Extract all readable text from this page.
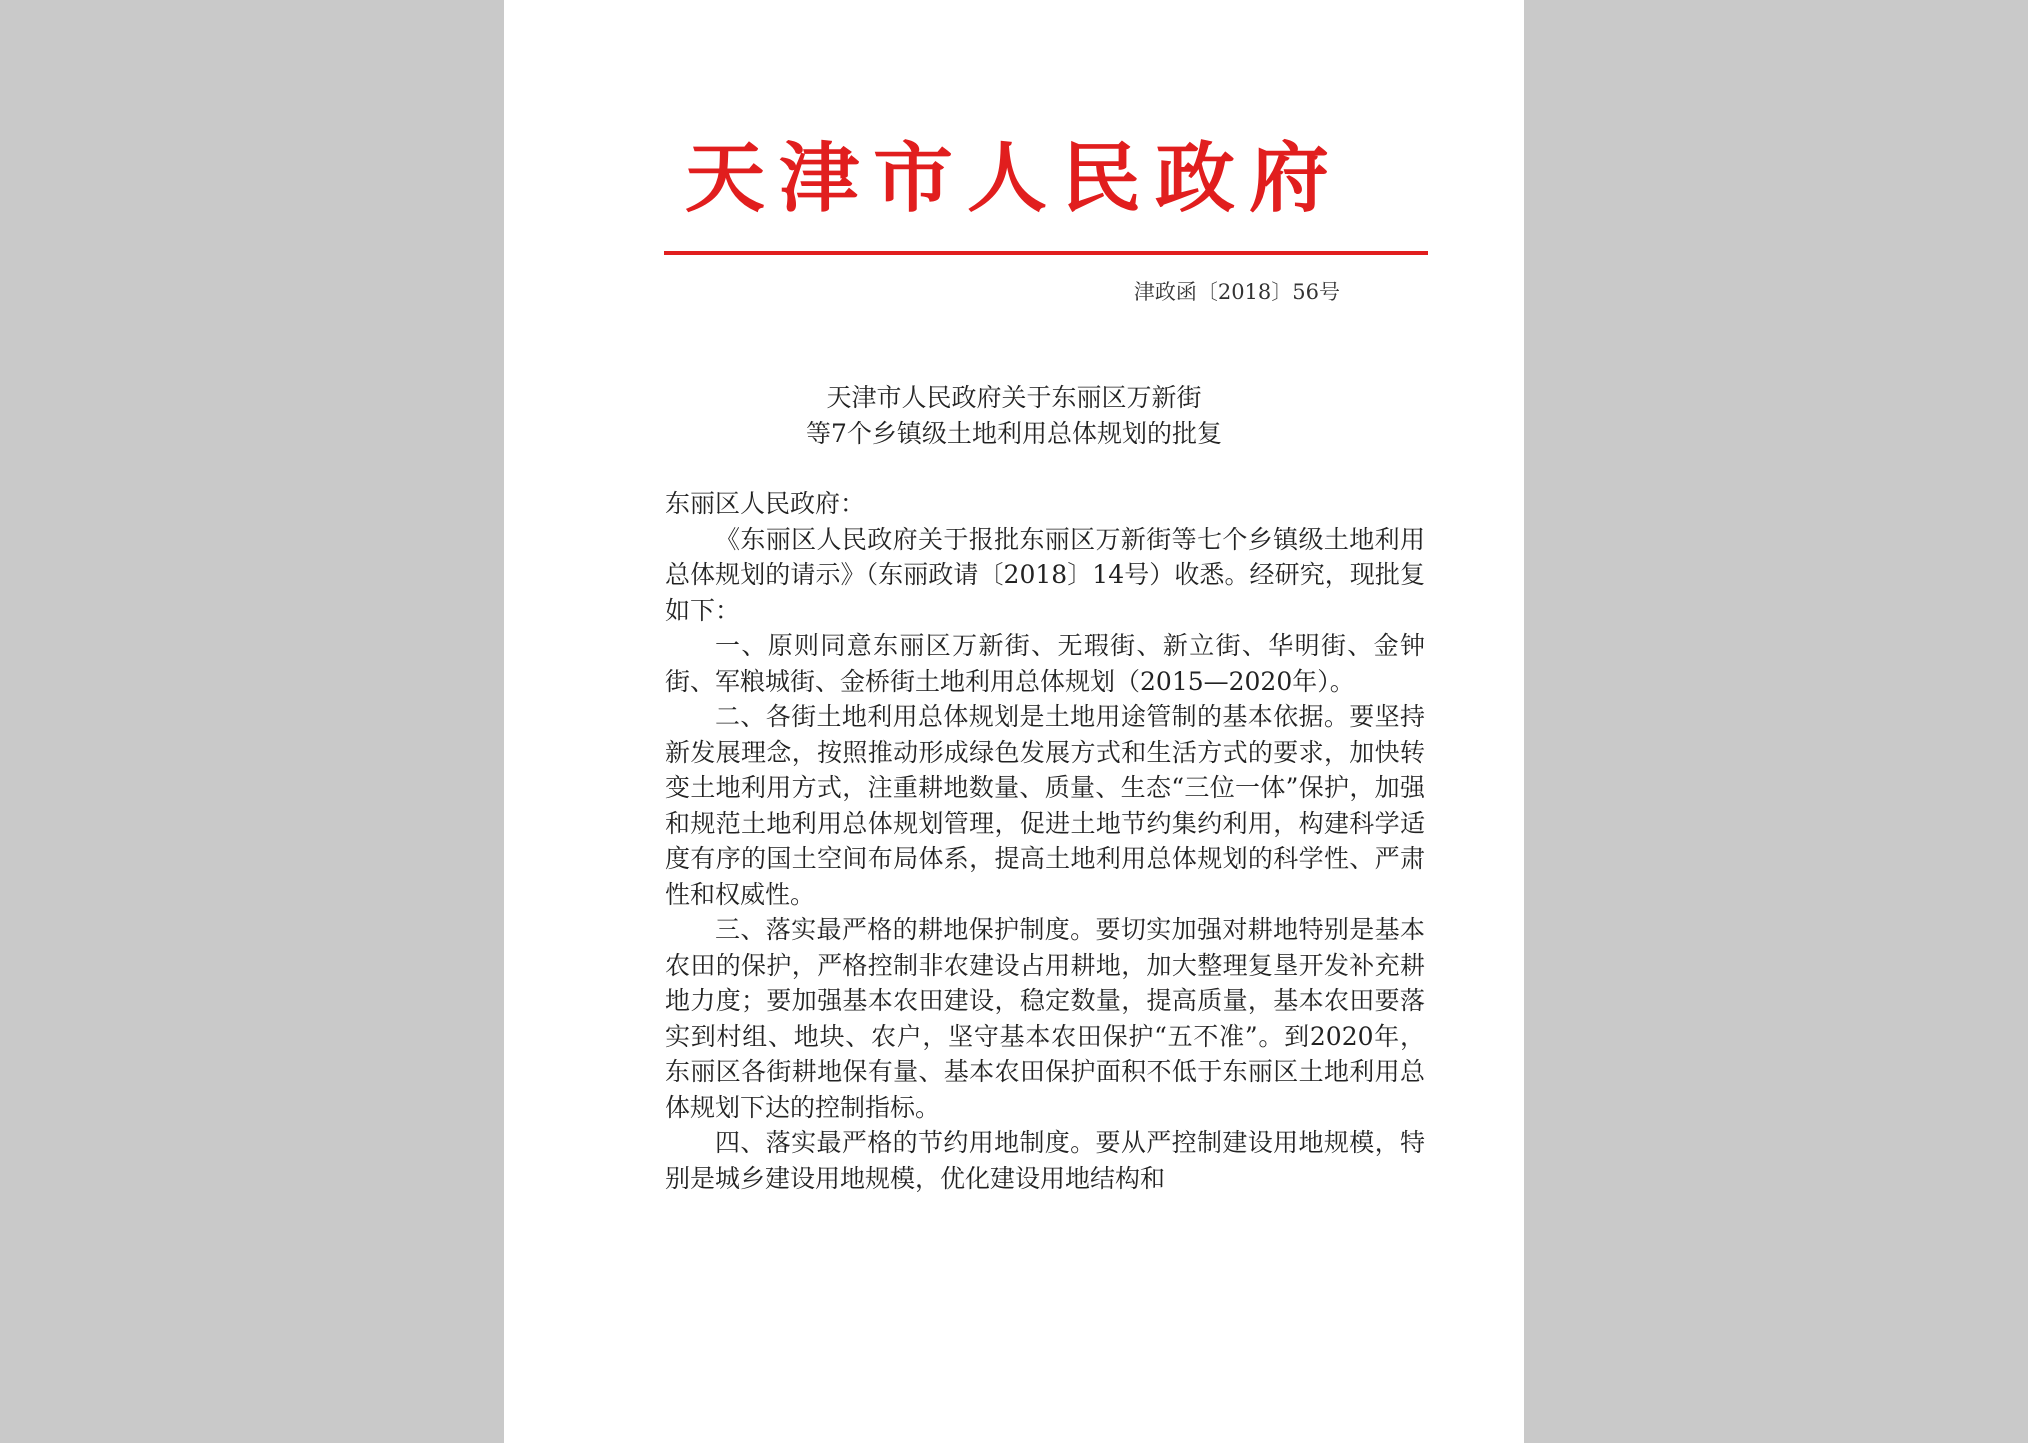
天津市人民政府
津政函〔2018〕56号
天津市人民政府关于东丽区万新街
等7个乡镇级土地利用总体规划的批复

东丽区人民政府：

《东丽区人民政府关于报批东丽区万新街等七个乡镇级土地利用总体规划的请示》（东丽政请〔2018〕14号）收悉。经研究，现批复如下：

一、原则同意东丽区万新街、无瑕街、新立街、华明街、金钟街、军粮城街、金桥街土地利用总体规划（2015—2020年）。

二、各街土地利用总体规划是土地用途管制的基本依据。要坚持新发展理念，按照推动形成绿色发展方式和生活方式的要求，加快转变土地利用方式，注重耕地数量、质量、生态“三位一体”保护，加强和规范土地利用总体规划管理，促进土地节约集约利用，构建科学适度有序的国土空间布局体系，提高土地利用总体规划的科学性、严肃性和权威性。

三、落实最严格的耕地保护制度。要切实加强对耕地特别是基本农田的保护，严格控制非农建设占用耕地，加大整理复垦开发补充耕地力度；要加强基本农田建设，稳定数量，提高质量，基本农田要落实到村组、地块、农户，坚守基本农田保护“五不准”。到2020年，东丽区各街耕地保有量、基本农田保护面积不低于东丽区土地利用总体规划下达的控制指标。

四、落实最严格的节约用地制度。要从严控制建设用地规模，特别是城乡建设用地规模，优化建设用地结构和
